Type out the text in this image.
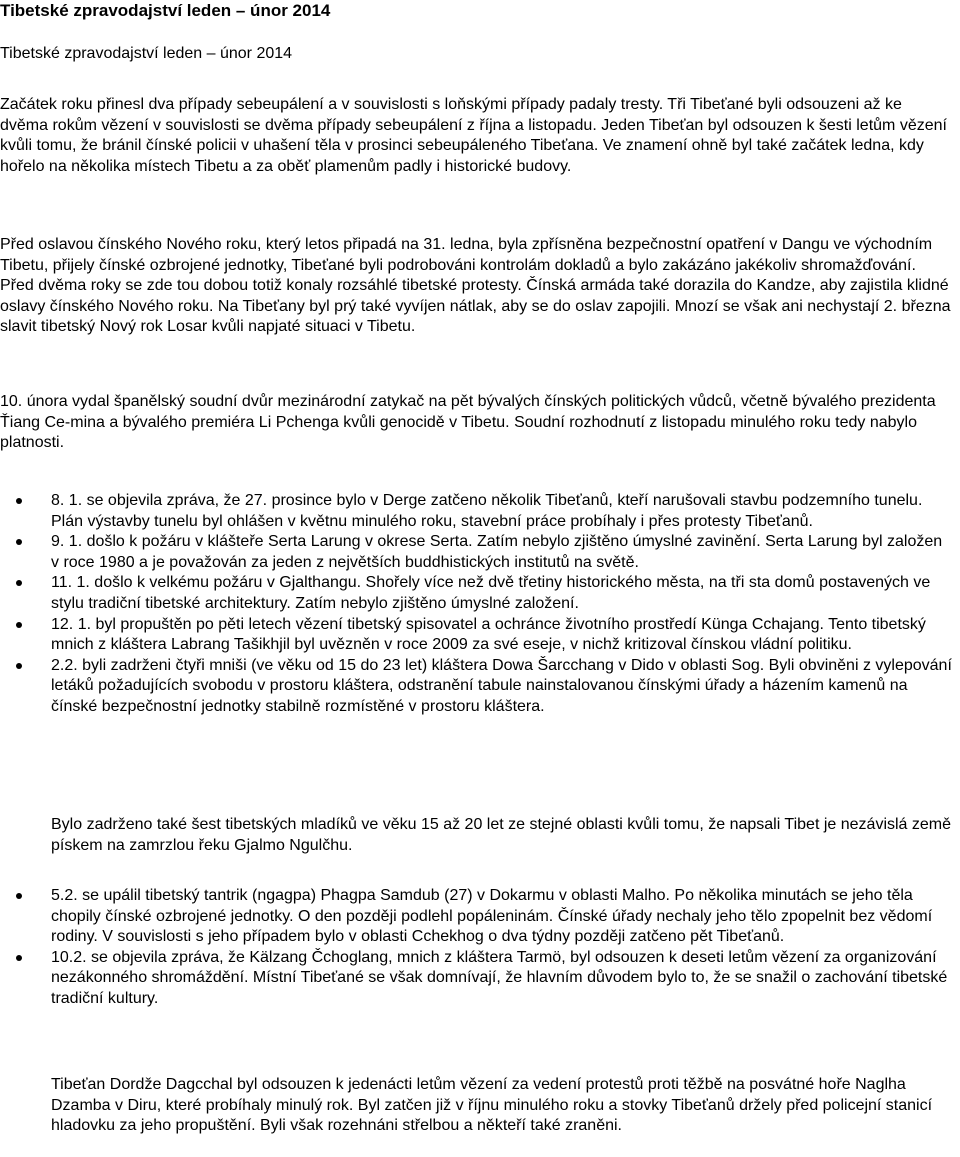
Tibetské zpravodajství leden – únor 2014

Tibetské zpravodajství leden – únor 2014

Začátek roku přinesl dva případy sebeupálení a v souvislosti s loňskými případy padaly tresty. Tři Tibeťané byli odsouzeni až ke dvěma rokům vězení v souvislosti se dvěma případy sebeupálení z října a listopadu. Jeden Tibeťan byl odsouzen k šesti letům vězení kvůli tomu, že bránil čínské policii v uhašení těla v prosinci sebeupáleného Tibeťana. Ve znamení ohně byl také začátek ledna, kdy hořelo na několika místech Tibetu a za oběť plamenům padly i historické budovy.

Před oslavou čínského Nového roku, který letos připadá na 31. ledna, byla zpřísněna bezpečnostní opatření v Dangu ve východním Tibetu, přijely čínské ozbrojené jednotky, Tibeťané byli podrobováni kontrolám dokladů a bylo zakázáno jakékoliv shromažďování. Před dvěma roky se zde tou dobou totiž konaly rozsáhlé tibetské protesty. Čínská armáda také dorazila do Kandze, aby zajistila klidné oslavy čínského Nového roku. Na Tibeťany byl prý také vyvíjen nátlak, aby se do oslav zapojili. Mnozí se však ani nechystají 2. března slavit tibetský Nový rok Losar kvůli napjaté situaci v Tibetu.

10. února vydal španělský soudní dvůr mezinárodní zatykač na pět bývalých čínských politických vůdců, včetně bývalého prezidenta Ťiang Ce-mina a bývalého premiéra Li Pchenga kvůli genocidě v Tibetu. Soudní rozhodnutí z listopadu minulého roku tedy nabylo platnosti.

8. 1. se objevila zpráva, že 27. prosince bylo v Derge zatčeno několik Tibeťanů, kteří narušovali stavbu podzemního tunelu. Plán výstavby tunelu byl ohlášen v květnu minulého roku, stavební práce probíhaly i přes protesty Tibeťanů.
9. 1. došlo k požáru v klášteře Serta Larung v okrese Serta. Zatím nebylo zjištěno úmyslné zavinění. Serta Larung byl založen v roce 1980 a je považován za jeden z největších buddhistických institutů na světě.
11. 1. došlo k velkému požáru v Gjalthangu. Shořely více než dvě třetiny historického města, na tři sta domů postavených ve stylu tradiční tibetské architektury. Zatím nebylo zjištěno úmyslné založení.
12. 1. byl propuštěn po pěti letech vězení tibetský spisovatel a ochránce životního prostředí Künga Cchajang. Tento tibetský mnich z kláštera Labrang Tašikhjil byl uvězněn v roce 2009 za své eseje, v nichž kritizoval čínskou vládní politiku.
2.2. byli zadrženi čtyři mniši (ve věku od 15 do 23 let) kláštera Dowa Šarcchang v Dido v oblasti Sog. Byli obviněni z vylepování letáků požadujících svobodu v prostoru kláštera, odstranění tabule nainstalovanou čínskými úřady a házením kamenů na čínské bezpečnostní jednotky stabilně rozmístěné v prostoru kláštera.

Bylo zadrženo také šest tibetských mladíků ve věku 15 až 20 let ze stejné oblasti kvůli tomu, že napsali Tibet je nezávislá země pískem na zamrzlou řeku Gjalmo Ngulčhu.

5.2. se upálil tibetský tantrik (ngagpa) Phagpa Samdub (27) v Dokarmu v oblasti Malho. Po několika minutách se jeho těla chopily čínské ozbrojené jednotky. O den později podlehl popáleninám. Čínské úřady nechaly jeho tělo zpopelnit bez vědomí rodiny. V souvislosti s jeho případem bylo v oblasti Cchekhog o dva týdny později zatčeno pět Tibeťanů.
10.2. se objevila zpráva, že Kälzang Čchoglang, mnich z kláštera Tarmö, byl odsouzen k deseti letům vězení za organizování nezákonného shromáždění. Místní Tibeťané se však domnívají, že hlavním důvodem bylo to, že se snažil o zachování tibetské tradiční kultury.

Tibeťan Dordže Dagcchal byl odsouzen k jedenácti letům vězení za vedení protestů proti těžbě na posvátné hoře Naglha Dzamba v Diru, které probíhaly minulý rok. Byl zatčen již v říjnu minulého roku a stovky Tibeťanů držely před policejní stanicí hladovku za jeho propuštění. Byli však rozehnáni střelbou a někteří také zraněni.
